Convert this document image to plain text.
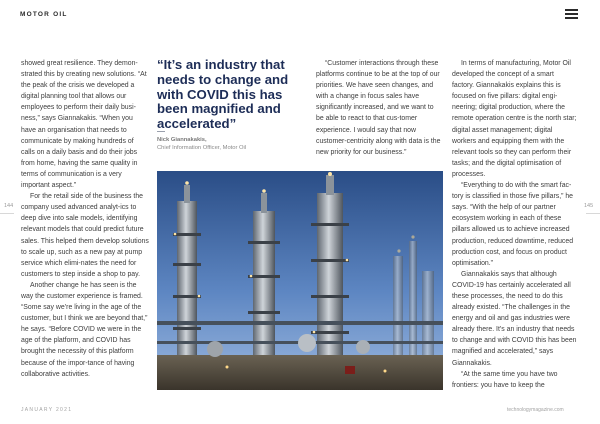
MOTOR OIL
144	145

showed great resilience. They demon-strated this by creating new solutions. “At the peak of the crisis we developed a digital planning tool that allows our employees to perform their daily busi-ness,” says Giannakakis. “When you have an organisation that needs to communicate by making hundreds of calls on a daily basis and do their jobs from home, having the same quality in terms of communication is a very important aspect.”

For the retail side of the business the company used advanced analyt-ics to deep dive into sale models, identifying relevant models that could predict future sales. This helped them develop solutions to scale up, such as a new pay at pump service which elimi-nates the need for customers to step inside a shop to pay.

Another change he has seen is the way the customer experience is framed. “Some say we’re living in the age of the customer, but I think we are beyond that,” he says. “Before COVID we were in the age of the platform, and COVID has brought the necessity of this platform because of the impor-tance of having collaborative activities.

“It’s an industry that needs to change and with COVID this has been magnified and accelerated”
Nick Giannakakis,
Chief Information Officer, Motor Oil

“Customer interactions through these platforms continue to be at the top of our priorities. We have seen changes, and with a change in focus sales have significantly increased, and we want to be able to react to that cus-tomer experience. I would say that now customer-centricity along with data is the new priority for our business.”

In terms of manufacturing, Motor Oil developed the concept of a smart factory. Giannakakis explains this is focused on five pillars: digital engi-neering; digital production, where the remote operation centre is the north star; digital asset management; digital workers and equipping them with the relevant tools so they can perform their tasks; and the digital optimisation of processes.

“Everything to do with the smart fac-tory is classified in those five pillars,” he says. “With the help of our partner ecosystem working in each of these pillars allowed us to achieve increased production, reduced downtime, reduced production cost, and focus on product optimisation.”

Giannakakis says that although COVID-19 has certainly accelerated all these processes, the need to do this already existed. “The challenges in the energy and oil and gas industries were already there. It’s an industry that needs to change and with COVID this has been magnified and accelerated,” says Giannakakis.

“At the same time you have two frontiers: you have to keep the

JANUARY 2021	technologymagazine.com
